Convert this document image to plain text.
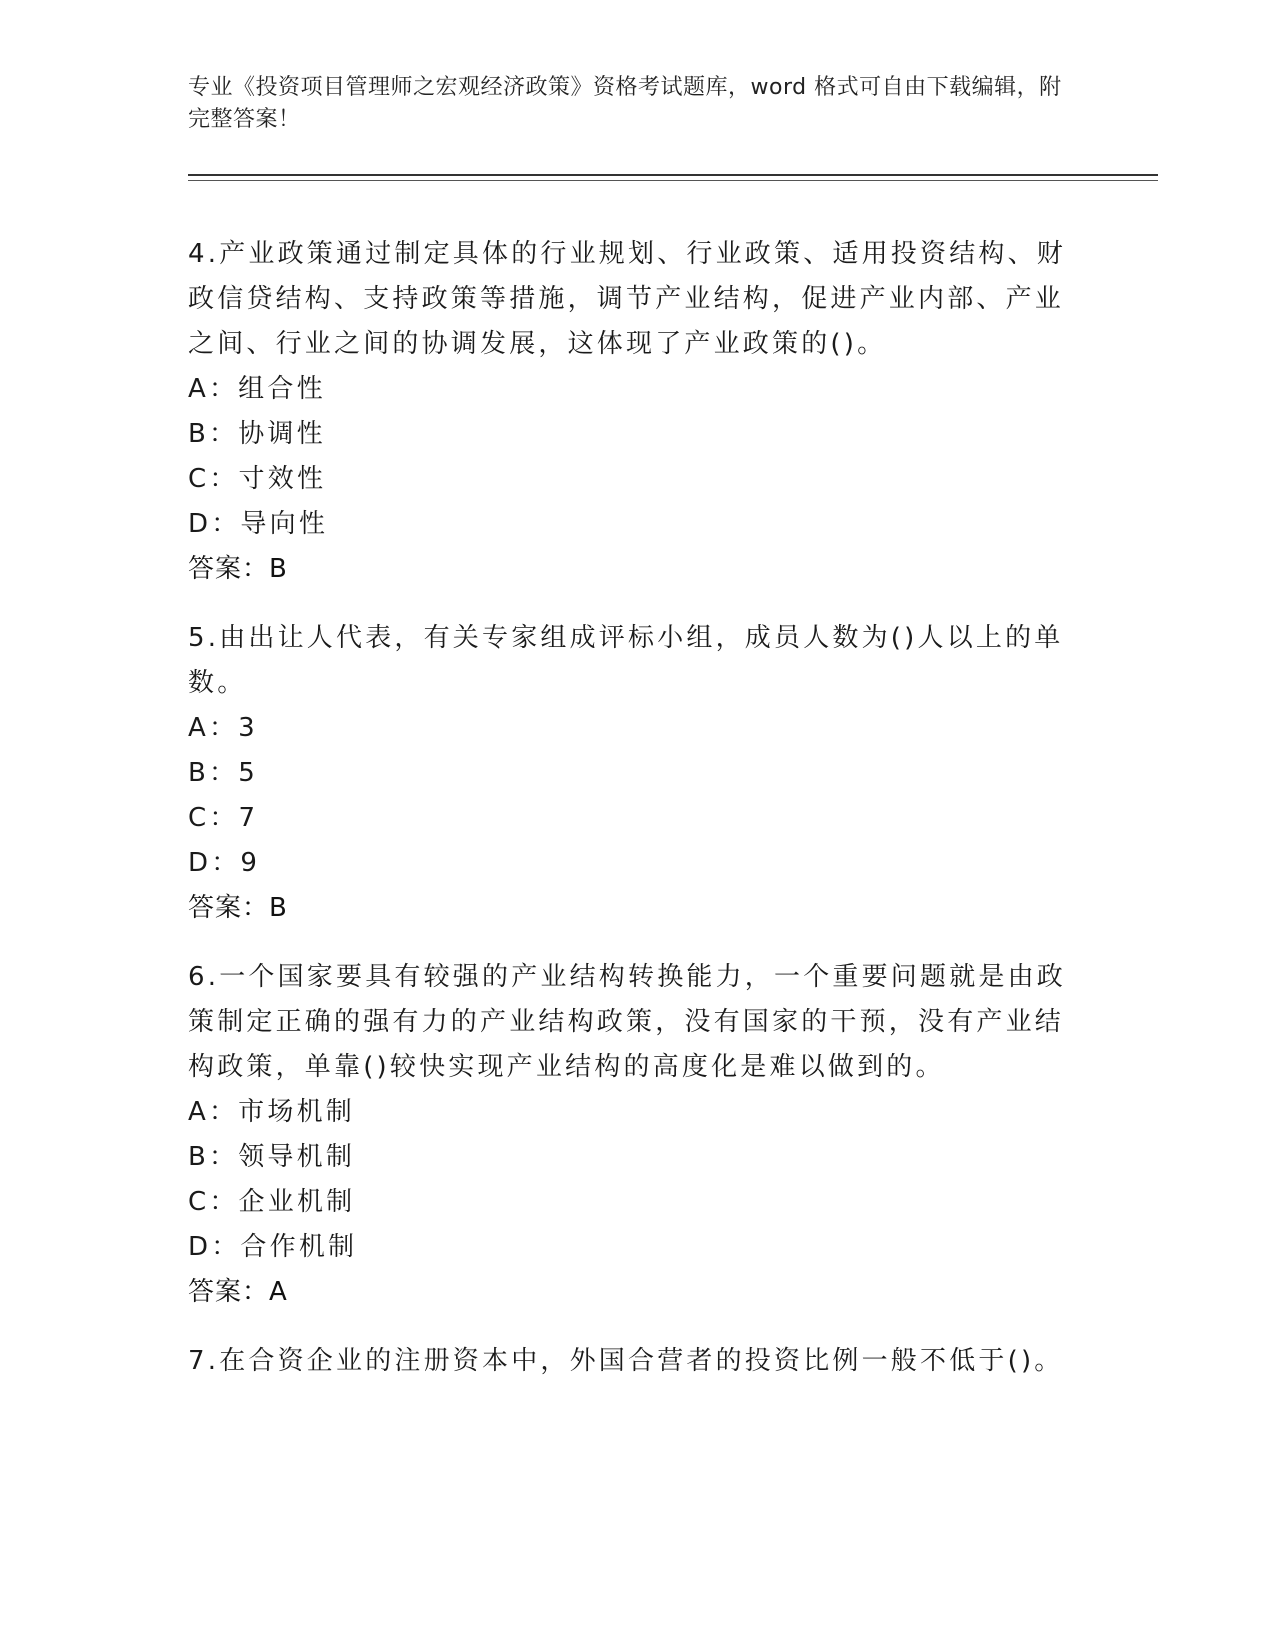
专业《投资项目管理师之宏观经济政策》资格考试题库，word 格式可自由下载编辑，附完整答案！

4.产业政策通过制定具体的行业规划、行业政策、适用投资结构、财政信贷结构、支持政策等措施，调节产业结构，促进产业内部、产业之间、行业之间的协调发展，这体现了产业政策的()。

A：组合性
B：协调性
C：寸效性
D：导向性
答案：B

5.由出让人代表，有关专家组成评标小组，成员人数为()人以上的单数。

A：3
B：5
C：7
D：9
答案：B

6.一个国家要具有较强的产业结构转换能力，一个重要问题就是由政策制定正确的强有力的产业结构政策，没有国家的干预，没有产业结构政策，单靠()较快实现产业结构的高度化是难以做到的。

A：市场机制
B：领导机制
C：企业机制
D：合作机制
答案：A

7.在合资企业的注册资本中，外国合营者的投资比例一般不低于()。
